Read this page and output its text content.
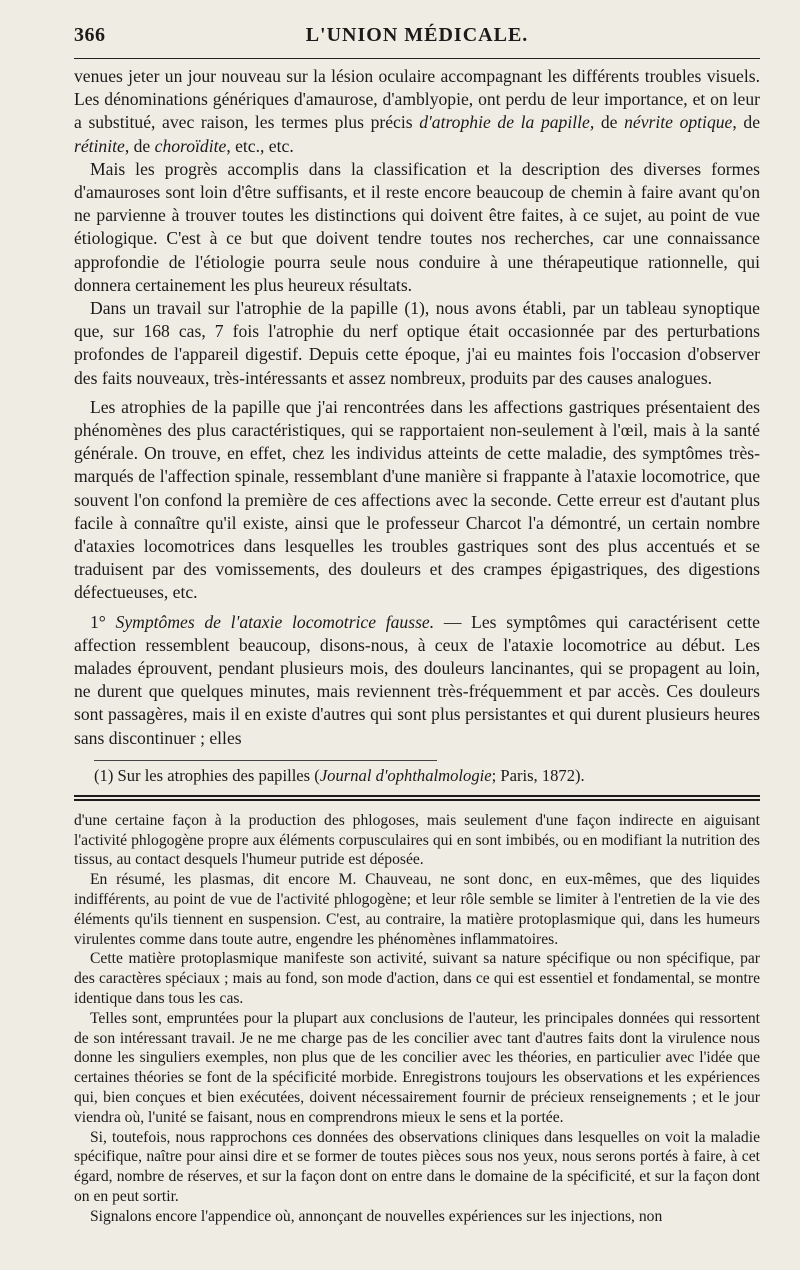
366	L'UNION MÉDICALE.

venues jeter un jour nouveau sur la lésion oculaire accompagnant les différents troubles visuels. Les dénominations génériques d'amaurose, d'amblyopie, ont perdu de leur importance, et on leur a substitué, avec raison, les termes plus précis d'atrophie de la papille, de névrite optique, de rétinite, de choroïdite, etc., etc.

Mais les progrès accomplis dans la classification et la description des diverses formes d'amauroses sont loin d'être suffisants, et il reste encore beaucoup de chemin à faire avant qu'on ne parvienne à trouver toutes les distinctions qui doivent être faites, à ce sujet, au point de vue étiologique. C'est à ce but que doivent tendre toutes nos recherches, car une connaissance approfondie de l'étiologie pourra seule nous conduire à une thérapeutique rationnelle, qui donnera certainement les plus heureux résultats.

Dans un travail sur l'atrophie de la papille (1), nous avons établi, par un tableau synoptique que, sur 168 cas, 7 fois l'atrophie du nerf optique était occasionnée par des perturbations profondes de l'appareil digestif. Depuis cette époque, j'ai eu maintes fois l'occasion d'observer des faits nouveaux, très-intéressants et assez nombreux, produits par des causes analogues.

Les atrophies de la papille que j'ai rencontrées dans les affections gastriques présentaient des phénomènes des plus caractéristiques, qui se rapportaient non-seulement à l'œil, mais à la santé générale. On trouve, en effet, chez les individus atteints de cette maladie, des symptômes très-marqués de l'affection spinale, ressemblant d'une manière si frappante à l'ataxie locomotrice, que souvent l'on confond la première de ces affections avec la seconde. Cette erreur est d'autant plus facile à connaître qu'il existe, ainsi que le professeur Charcot l'a démontré, un certain nombre d'ataxies locomotrices dans lesquelles les troubles gastriques sont des plus accentués et se traduisent par des vomissements, des douleurs et des crampes épigastriques, des digestions défectueuses, etc.

1° Symptômes de l'ataxie locomotrice fausse. — Les symptômes qui caractérisent cette affection ressemblent beaucoup, disons-nous, à ceux de l'ataxie locomotrice au début. Les malades éprouvent, pendant plusieurs mois, des douleurs lancinantes, qui se propagent au loin, ne durent que quelques minutes, mais reviennent très-fréquemment et par accès. Ces douleurs sont passagères, mais il en existe d'autres qui sont plus persistantes et qui durent plusieurs heures sans discontinuer ; elles

(1) Sur les atrophies des papilles (Journal d'ophthalmologie; Paris, 1872).

d'une certaine façon à la production des phlogoses, mais seulement d'une façon indirecte en aiguisant l'activité phlogogène propre aux éléments corpusculaires qui en sont imbibés, ou en modifiant la nutrition des tissus, au contact desquels l'humeur putride est déposée.

En résumé, les plasmas, dit encore M. Chauveau, ne sont donc, en eux-mêmes, que des liquides indifférents, au point de vue de l'activité phlogogène; et leur rôle semble se limiter à l'entretien de la vie des éléments qu'ils tiennent en suspension. C'est, au contraire, la matière protoplasmique qui, dans les humeurs virulentes comme dans toute autre, engendre les phénomènes inflammatoires.

Cette matière protoplasmique manifeste son activité, suivant sa nature spécifique ou non spécifique, par des caractères spéciaux ; mais au fond, son mode d'action, dans ce qui est essentiel et fondamental, se montre identique dans tous les cas.

Telles sont, empruntées pour la plupart aux conclusions de l'auteur, les principales données qui ressortent de son intéressant travail. Je ne me charge pas de les concilier avec tant d'autres faits dont la virulence nous donne les singuliers exemples, non plus que de les concilier avec les théories, en particulier avec l'idée que certaines théories se font de la spécificité morbide. Enregistrons toujours les observations et les expériences qui, bien conçues et bien exécutées, doivent nécessairement fournir de précieux renseignements ; et le jour viendra où, l'unité se faisant, nous en comprendrons mieux le sens et la portée.

Si, toutefois, nous rapprochons ces données des observations cliniques dans lesquelles on voit la maladie spécifique, naître pour ainsi dire et se former de toutes pièces sous nos yeux, nous serons portés à faire, à cet égard, nombre de réserves, et sur la façon dont on entre dans le domaine de la spécificité, et sur la façon dont on en peut sortir.

Signalons encore l'appendice où, annonçant de nouvelles expériences sur les injections, non
